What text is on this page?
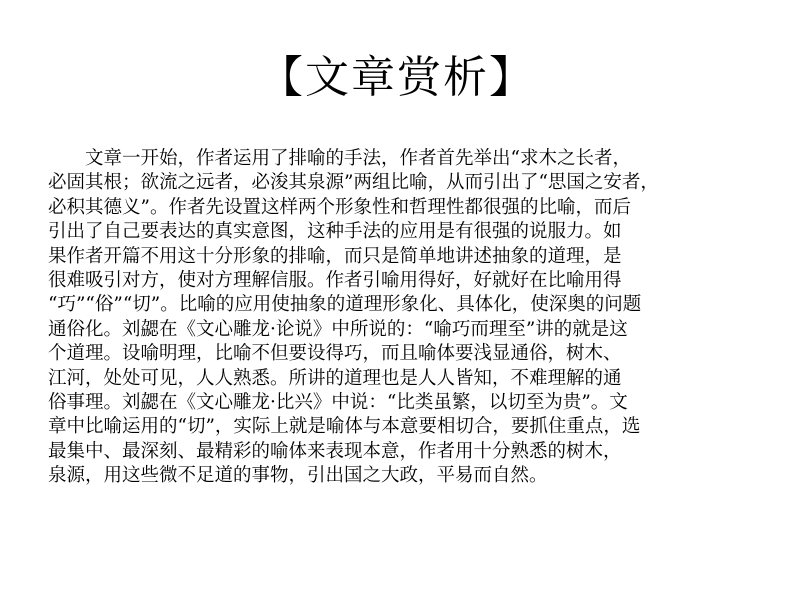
【文章赏析】
文章一开始，作者运用了排喻的手法，作者首先举出“求木之长者，
必固其根；欲流之远者，必浚其泉源”两组比喻，从而引出了“思国之安者，
必积其德义”。作者先设置这样两个形象性和哲理性都很强的比喻，而后
引出了自己要表达的真实意图，这种手法的应用是有很强的说服力。如
果作者开篇不用这十分形象的排喻，而只是简单地讲述抽象的道理，是
很难吸引对方，使对方理解信服。作者引喻用得好，好就好在比喻用得
“巧”“俗”“切”。比喻的应用使抽象的道理形象化、具体化，使深奥的问题
通俗化。刘勰在《文心雕龙·论说》中所说的：“喻巧而理至”讲的就是这
个道理。设喻明理，比喻不但要设得巧，而且喻体要浅显通俗，树木、
江河，处处可见，人人熟悉。所讲的道理也是人人皆知，不难理解的通
俗事理。刘勰在《文心雕龙·比兴》中说：“比类虽繁，以切至为贵”。文
章中比喻运用的“切”，实际上就是喻体与本意要相切合，要抓住重点，选
最集中、最深刻、最精彩的喻体来表现本意，作者用十分熟悉的树木，
泉源，用这些微不足道的事物，引出国之大政，平易而自然。
